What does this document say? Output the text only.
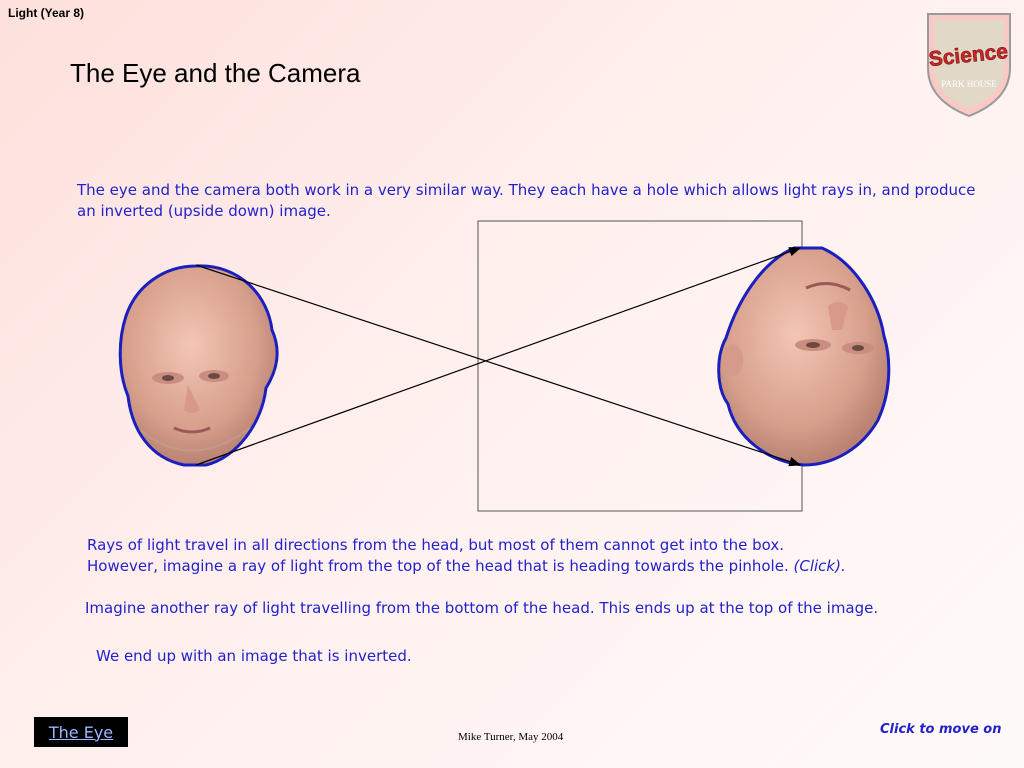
Light (Year 8)
The Eye and the Camera	PARK HOUSE
Science
The eye and the camera both work in a very similar way. They each have a hole which allows light rays in, and produce an inverted (upside down) image.
Rays of light travel in all directions from the head, but most of them cannot get into the box.
However, imagine a ray of light from the top of the head that is heading towards the pinhole. (Click).
Imagine another ray of light travelling from the bottom of the head. This ends up at the top of the image.
We end up with an image that is inverted.
The Eye	Mike Turner, May 2004	Click to move on
